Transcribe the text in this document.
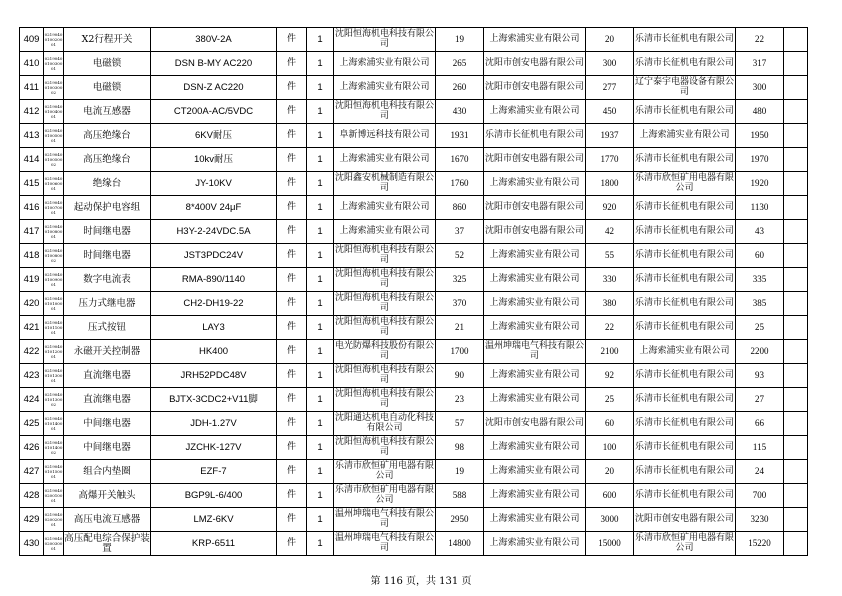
409	0219040010020001	X2行程开关	380V-2A	件	1	沈阳恒海机电科技有限公司	19	上海索浦实业有限公司	20	乐清市长征机电有限公司	22	
410	0219040010030001	电磁锁	DSN B-MY AC220	件	1	上海索浦实业有限公司	265	沈阳市创安电器有限公司	300	乐清市长征机电有限公司	317	
411	0219040010030002	电磁锁	DSN-Z AC220	件	1	上海索浦实业有限公司	260	沈阳市创安电器有限公司	277	辽宁泰宇电器设备有限公司	300	
412	0219040010040001	电流互感器	CT200A-AC/5VDC	件	1	沈阳恒海机电科技有限公司	430	上海索浦实业有限公司	450	乐清市长征机电有限公司	480	
413	0219040010050001	高压绝缘台	6KV耐压	件	1	阜新博远科技有限公司	1931	乐清市长征机电有限公司	1937	上海索浦实业有限公司	1950	
414	0219040010050002	高压绝缘台	10kv耐压	件	1	上海索浦实业有限公司	1670	沈阳市创安电器有限公司	1770	乐清市长征机电有限公司	1970	
415	0219040010060001	绝缘台	JY-10KV	件	1	沈阳鑫安机械制造有限公司	1760	上海索浦实业有限公司	1800	乐清市欣恒矿用电器有限公司	1920	
416	0219040010070001	起动保护电容组	8*400V 24μF	件	1	上海索浦实业有限公司	860	沈阳市创安电器有限公司	920	乐清市长征机电有限公司	1130	
417	0219040010080001	时间继电器	H3Y-2-24VDC.5A	件	1	上海索浦实业有限公司	37	沈阳市创安电器有限公司	42	乐清市长征机电有限公司	43	
418	0219040010080002	时间继电器	JST3PDC24V	件	1	沈阳恒海机电科技有限公司	52	上海索浦实业有限公司	55	乐清市长征机电有限公司	60	
419	0219040010090001	数字电流表	RMA-890/1140	件	1	沈阳恒海机电科技有限公司	325	上海索浦实业有限公司	330	乐清市长征机电有限公司	335	
420	0219040010100001	压力式继电器	CH2-DH19-22	件	1	沈阳恒海机电科技有限公司	370	上海索浦实业有限公司	380	乐清市长征机电有限公司	385	
421	0219040010110001	压式按钮	LAY3	件	1	沈阳恒海机电科技有限公司	21	上海索浦实业有限公司	22	乐清市长征机电有限公司	25	
422	0219040010120001	永磁开关控制器	HK400	件	1	电光防爆科技股份有限公司	1700	温州坤瑞电气科技有限公司	2100	上海索浦实业有限公司	2200	
423	0219040010130001	直流继电器	JRH52PDC48V	件	1	沈阳恒海机电科技有限公司	90	上海索浦实业有限公司	92	乐清市长征机电有限公司	93	
424	0219040010130002	直流继电器	BJTX-3CDC2+V11脚	件	1	沈阳恒海机电科技有限公司	23	上海索浦实业有限公司	25	乐清市长征机电有限公司	27	
425	0219040010140001	中间继电器	JDH-1.27V	件	1	沈阳通达机电自动化科技有限公司	57	沈阳市创安电器有限公司	60	乐清市长征机电有限公司	66	
426	0219040010140002	中间继电器	JZCHK-127V	件	1	沈阳恒海机电科技有限公司	98	上海索浦实业有限公司	100	乐清市长征机电有限公司	115	
427	0219040010150001	组合内垫圈	EZF-7	件	1	乐清市欣恒矿用电器有限公司	19	上海索浦实业有限公司	20	乐清市长征机电有限公司	24	
428	0219040020010001	高爆开关触头	BGP9L-6/400	件	1	乐清市欣恒矿用电器有限公司	588	上海索浦实业有限公司	600	乐清市长征机电有限公司	700	
429	0219040020020001	高压电流互感器	LMZ-6KV	件	1	温州坤瑞电气科技有限公司	2950	上海索浦实业有限公司	3000	沈阳市创安电器有限公司	3230	
430	0219040020030001	高压配电综合保护装置	KRP-6511	件	1	温州坤瑞电气科技有限公司	14800	上海索浦实业有限公司	15000	乐清市欣恒矿用电器有限公司	15220	
第 116 页，共 131 页
